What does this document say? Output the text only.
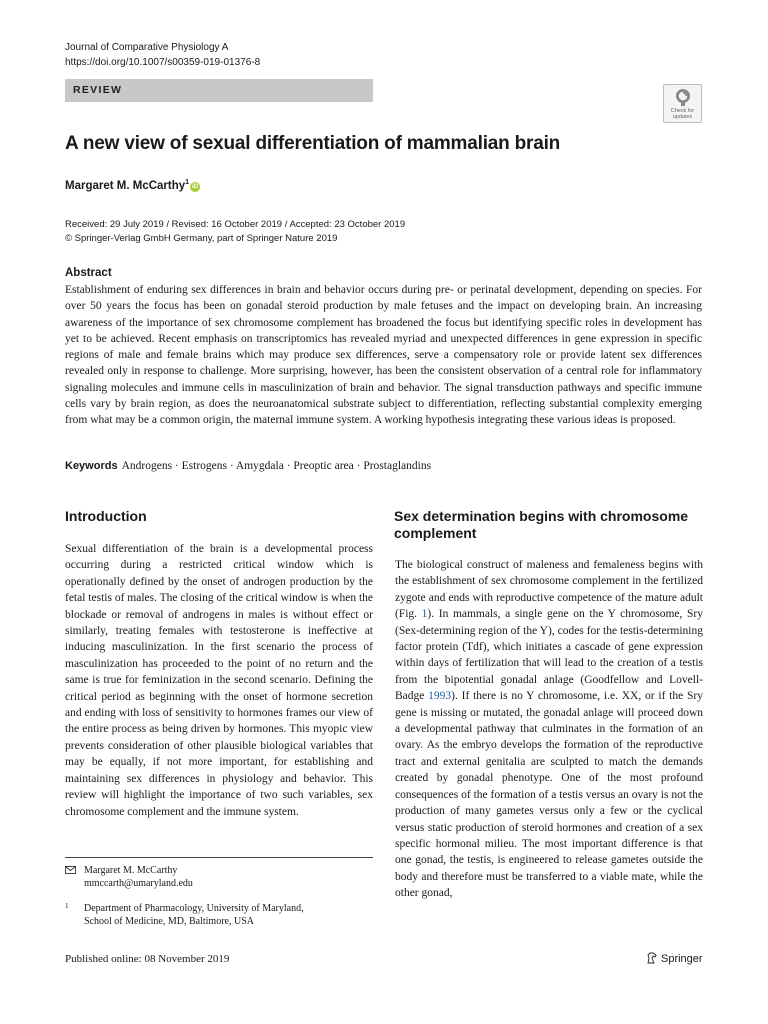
Journal of Comparative Physiology A
https://doi.org/10.1007/s00359-019-01376-8
REVIEW
Check for updates
A new view of sexual differentiation of mammalian brain
Margaret M. McCarthy$^1$iD
Received: 29 July 2019 / Revised: 16 October 2019 / Accepted: 23 October 2019
© Springer-Verlag GmbH Germany, part of Springer Nature 2019
Abstract
Establishment of enduring sex differences in brain and behavior occurs during pre- or perinatal development, depending on species. For over 50 years the focus has been on gonadal steroid production by male fetuses and the impact on developing brain. An increasing awareness of the importance of sex chromosome complement has broadened the focus but identifying specific roles in development has yet to be achieved. Recent emphasis on transcriptomics has revealed myriad and unexpected differences in gene expression in specific regions of male and female brains which may produce sex differences, serve a compensatory role or provide latent sex differences revealed only in response to challenge. More surprising, however, has been the consistent observation of a central role for inflammatory signaling molecules and immune cells in masculinization of brain and behavior. The signal transduction pathways and specific immune cells vary by brain region, as does the neuroanatomical substrate subject to differentiation, reflecting substantial complexity emerging from what may be a common origin, the maternal immune system. A working hypothesis integrating these various ideas is proposed.
Keywords Androgens · Estrogens · Amygdala · Preoptic area · Prostaglandins
Introduction
Sexual differentiation of the brain is a developmental process occurring during a restricted critical window which is operationally defined by the onset of androgen production by the fetal testis of males. The closing of the critical window is when the blockade or removal of androgens in males is without effect or similarly, treating females with testosterone is ineffective at inducing masculinization. In the first scenario the process of masculinization has proceeded to the point of no return and the same is true for feminization in the second scenario. Defining the critical period as beginning with the onset of hormone secretion and ending with loss of sensitivity to hormones frames our view of the entire process as being driven by hormones. This myopic view prevents consideration of other plausible biological variables that may be equally, if not more important, for establishing and maintaining sex differences in physiology and behavior. This review will highlight the importance of two such variables, sex chromosome complement and the immune system.
Sex determination begins with chromosome complement
The biological construct of maleness and femaleness begins with the establishment of sex chromosome complement in the fertilized zygote and ends with reproductive competence of the mature adult (Fig. 1). In mammals, a single gene on the Y chromosome, Sry (Sex-determining region of the Y), codes for the testis-determining factor protein (Tdf), which initiates a cascade of gene expression within days of fertilization that will lead to the creation of a testis from the bipotential gonadal anlage (Goodfellow and Lovell-Badge 1993). If there is no Y chromosome, i.e. XX, or if the Sry gene is missing or mutated, the gonadal anlage will proceed down a developmental pathway that culminates in the formation of an ovary. As the embryo develops the formation of the reproductive tract and external genitalia are sculpted to match the demands created by gonadal phenotype. One of the most profound consequences of the formation of a testis versus an ovary is not the production of many gametes versus only a few or the cyclical versus static production of steroid hormones and creation of a sex specific hormonal milieu. The most important difference is that one gonad, the testis, is engineered to release gametes outside the body and therefore must be transferred to a viable mate, while the other gonad,
Margaret M. McCarthy
mmccarth@umaryland.edu
1 Department of Pharmacology, University of Maryland,
School of Medicine, MD, Baltimore, USA
Published online: 08 November 2019	Springer
